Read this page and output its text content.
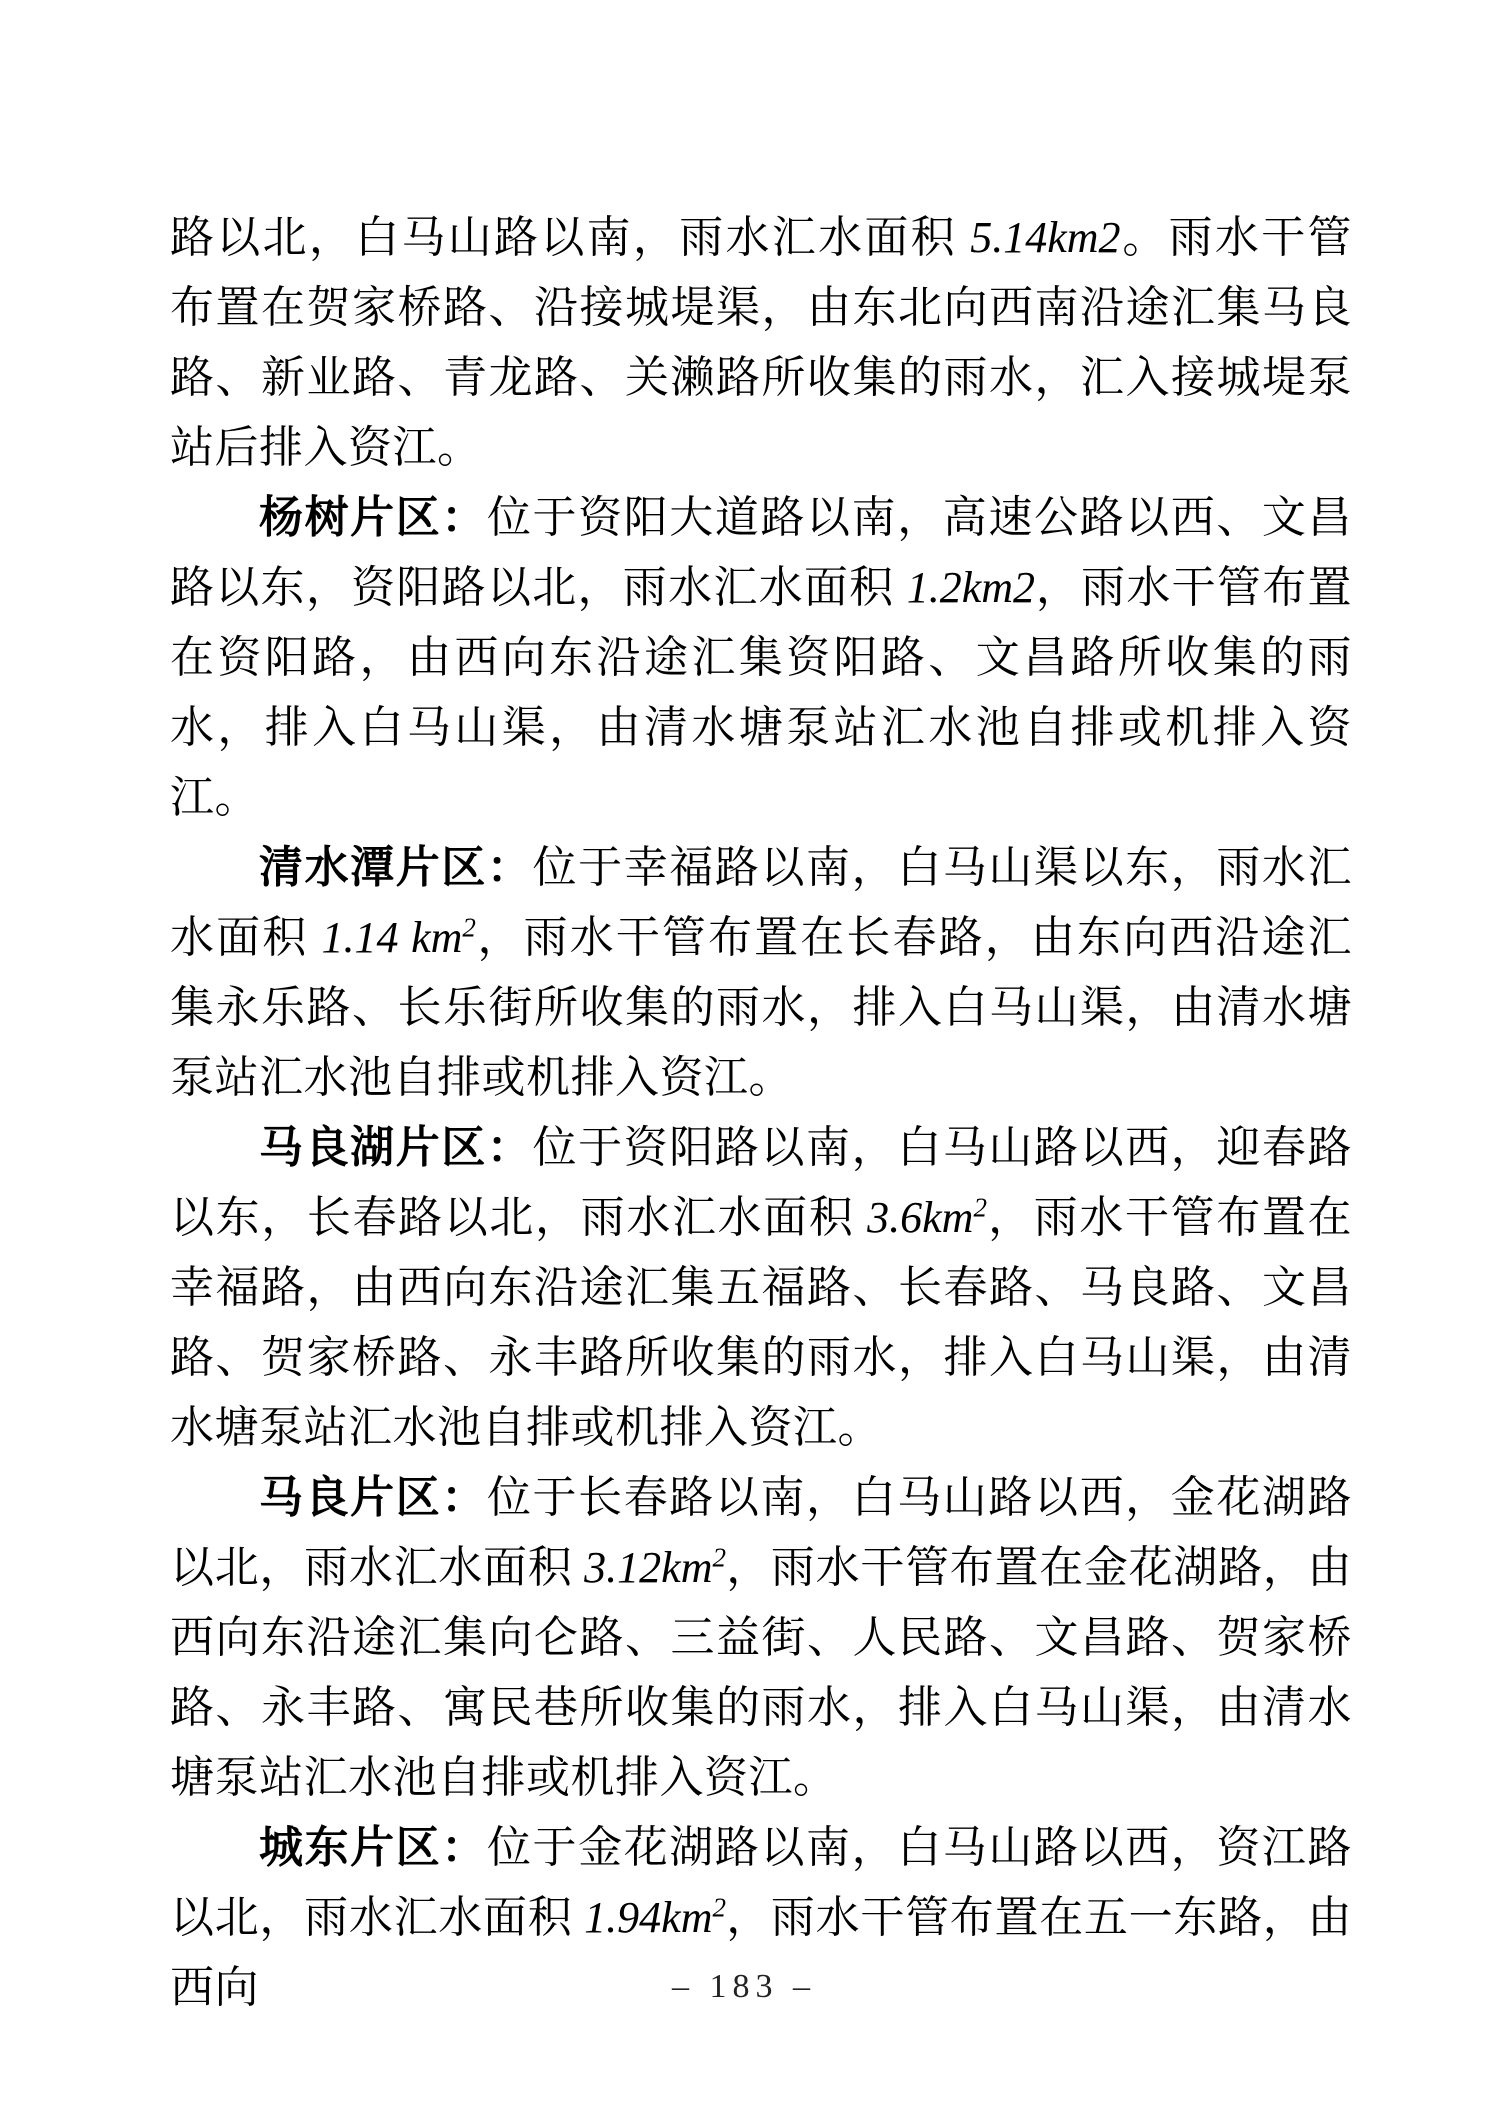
路以北，白马山路以南，雨水汇水面积 5.14km2。雨水干管布置在贺家桥路、沿接城堤渠，由东北向西南沿途汇集马良路、新业路、青龙路、关濑路所收集的雨水，汇入接城堤泵站后排入资江。

杨树片区：位于资阳大道路以南，高速公路以西、文昌路以东，资阳路以北，雨水汇水面积 1.2km2，雨水干管布置在资阳路，由西向东沿途汇集资阳路、文昌路所收集的雨水，排入白马山渠，由清水塘泵站汇水池自排或机排入资江。

清水潭片区：位于幸福路以南，白马山渠以东，雨水汇水面积 1.14 $km^2$，雨水干管布置在长春路，由东向西沿途汇集永乐路、长乐街所收集的雨水，排入白马山渠，由清水塘泵站汇水池自排或机排入资江。

马良湖片区：位于资阳路以南，白马山路以西，迎春路以东，长春路以北，雨水汇水面积 $3.6km^2$，雨水干管布置在幸福路，由西向东沿途汇集五福路、长春路、马良路、文昌路、贺家桥路、永丰路所收集的雨水，排入白马山渠，由清水塘泵站汇水池自排或机排入资江。

马良片区：位于长春路以南，白马山路以西，金花湖路以北，雨水汇水面积 $3.12km^2$，雨水干管布置在金花湖路，由西向东沿途汇集向仑路、三益街、人民路、文昌路、贺家桥路、永丰路、寓民巷所收集的雨水，排入白马山渠，由清水塘泵站汇水池自排或机排入资江。

城东片区：位于金花湖路以南，白马山路以西，资江路以北，雨水汇水面积 $1.94km^2$，雨水干管布置在五一东路，由西向	– 183 –
